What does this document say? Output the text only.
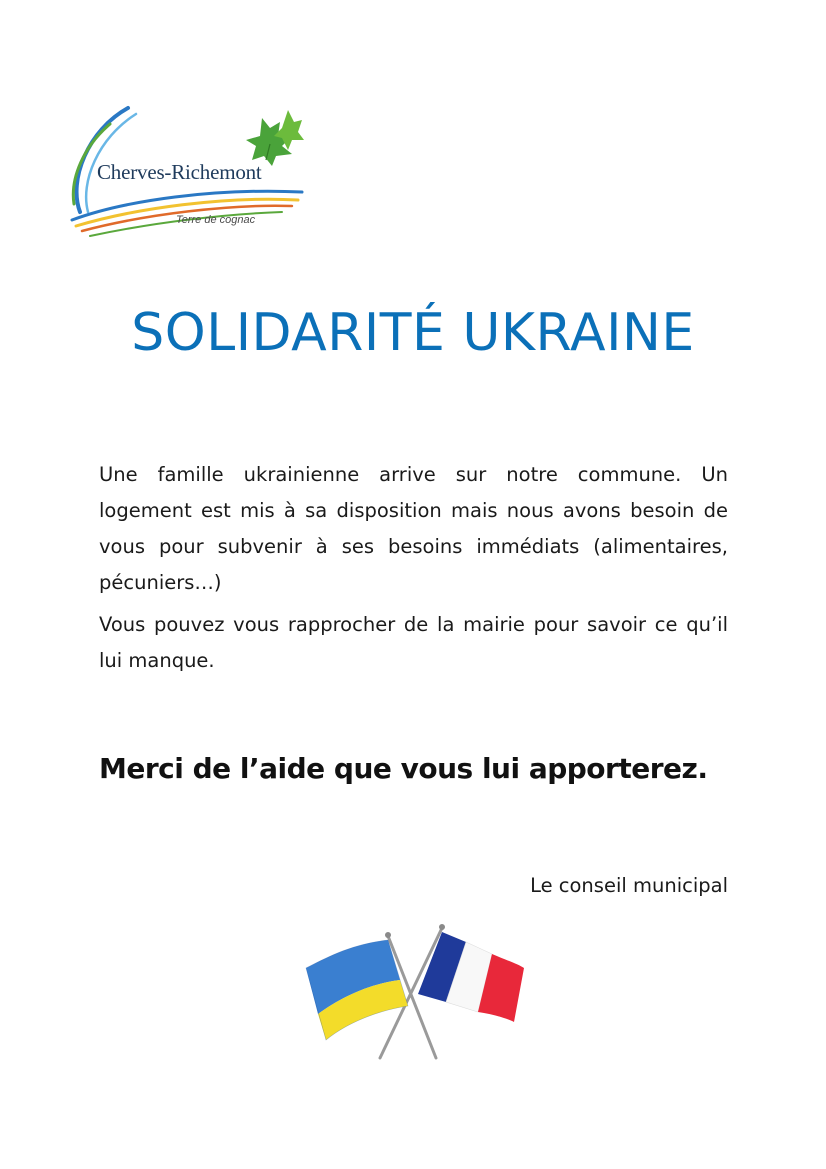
Cherves-Richemont
Terre de cognac
SOLIDARITÉ UKRAINE

Une famille ukrainienne arrive sur notre commune. Un logement est mis à sa disposition mais nous avons besoin de vous pour subvenir à ses besoins immédiats (alimentaires, pécuniers…)

Vous pouvez vous rapprocher de la mairie pour savoir ce qu’il lui manque.

Merci de l’aide que vous lui apporterez.
Le conseil municipal
